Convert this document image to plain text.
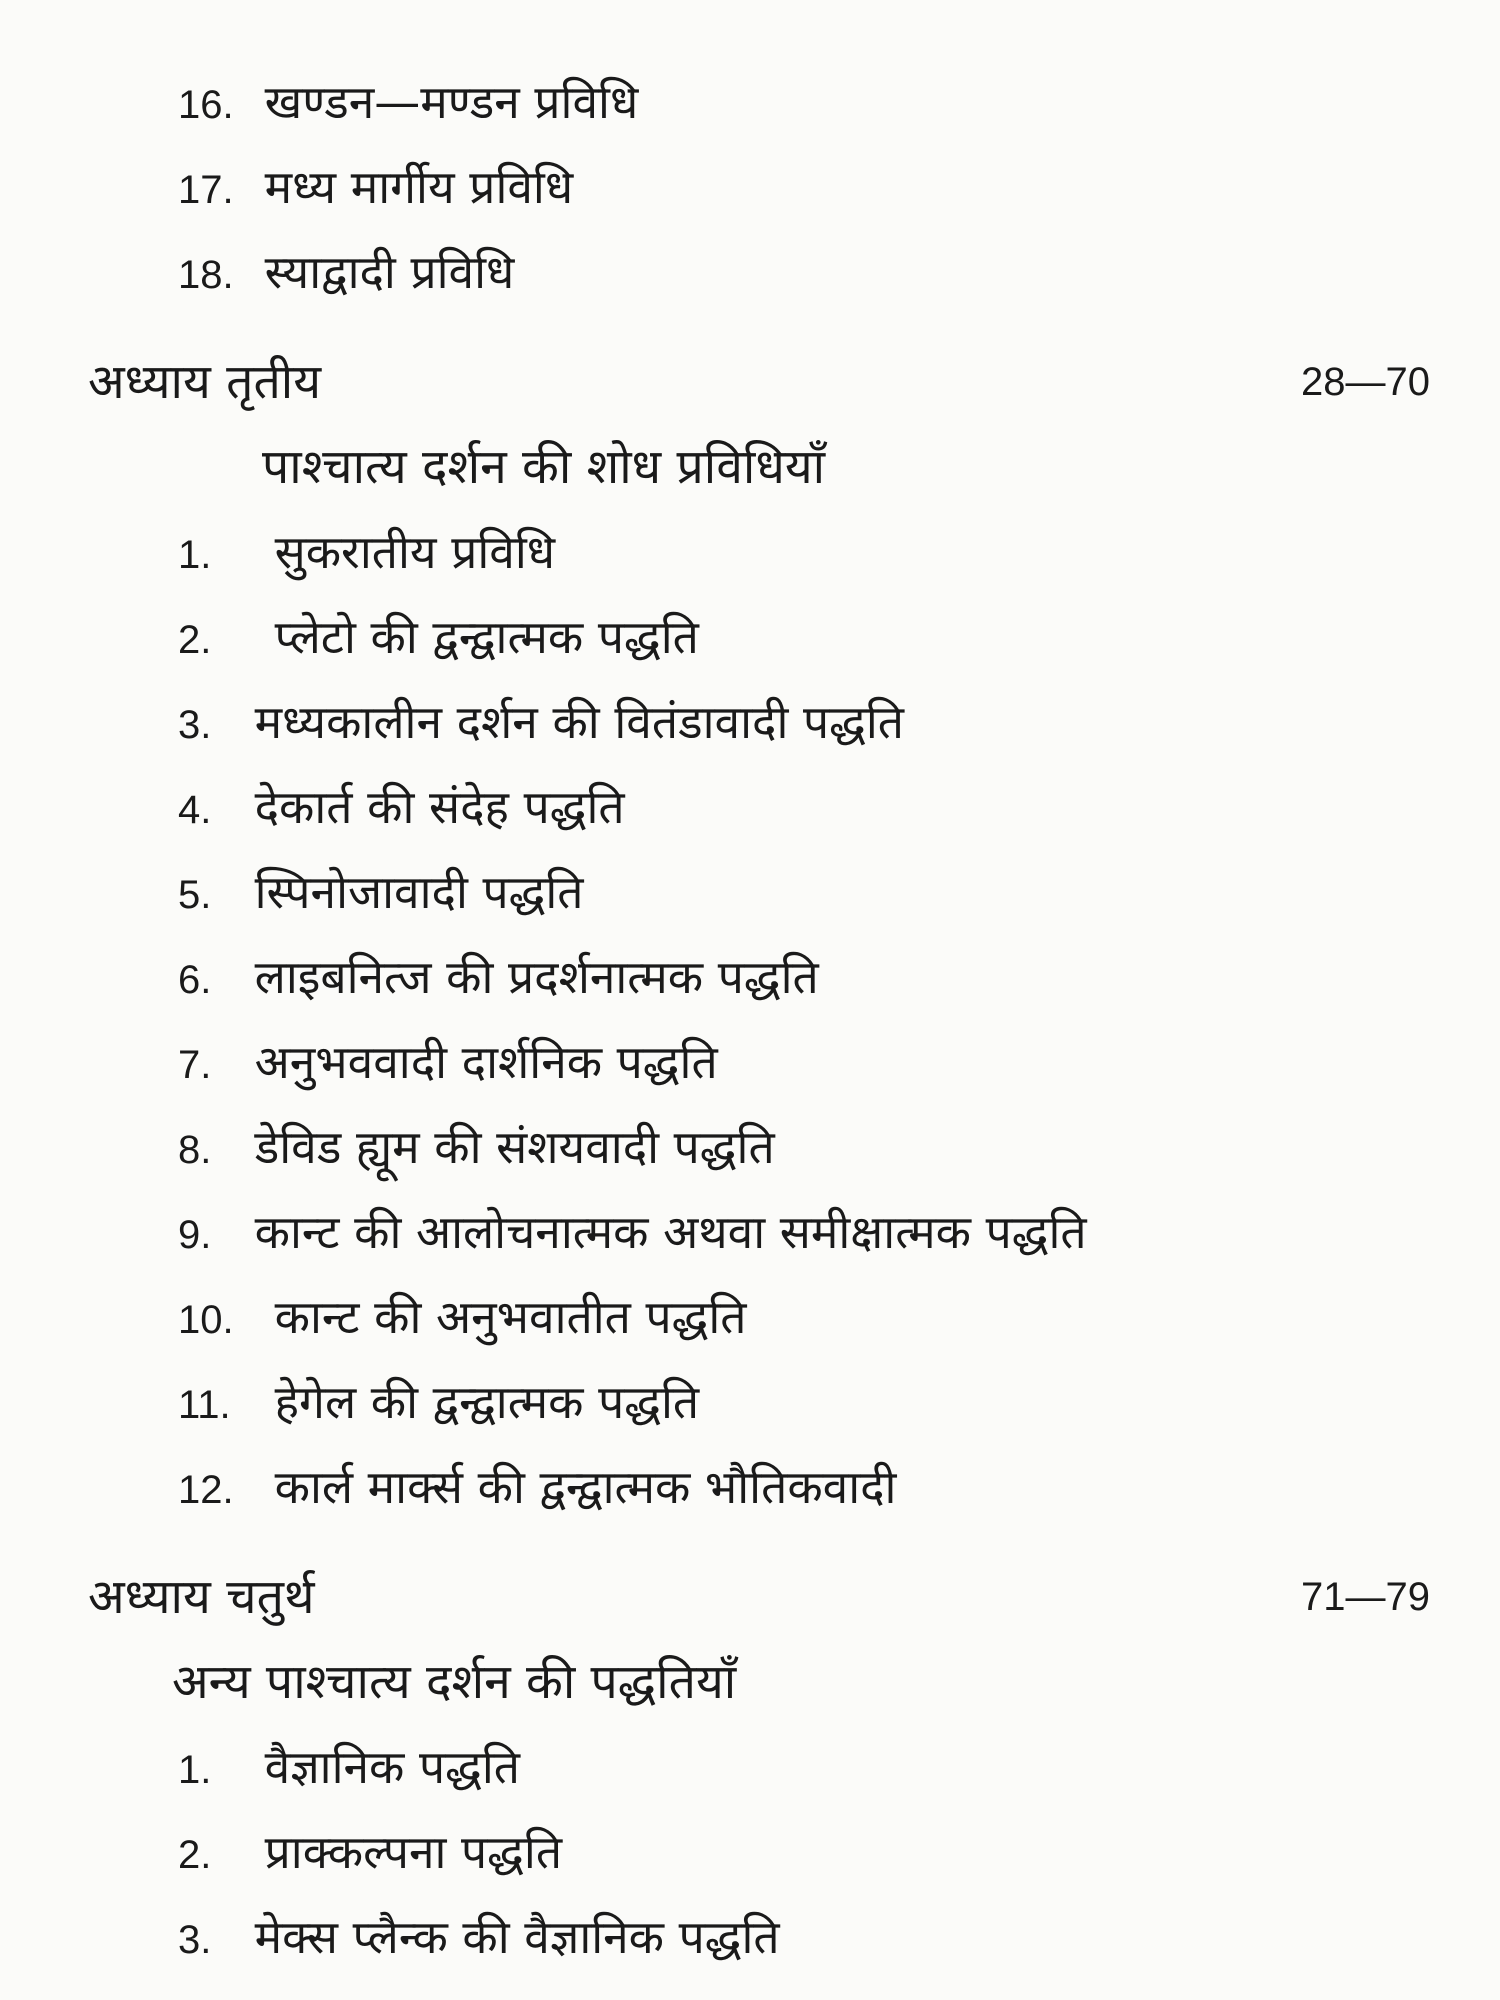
16. खण्डन—मण्डन प्रविधि
17. मध्य मार्गीय प्रविधि
18. स्याद्वादी प्रविधि
अध्याय तृतीय	28—70
पाश्चात्य दर्शन की शोध प्रविधियाँ
1. सुकरातीय प्रविधि
2. प्लेटो की द्वन्द्वात्मक पद्धति
3. मध्यकालीन दर्शन की वितंडावादी पद्धति
4. देकार्त की संदेह पद्धति
5. स्पिनोजावादी पद्धति
6. लाइबनित्ज की प्रदर्शनात्मक पद्धति
7. अनुभववादी दार्शनिक पद्धति
8. डेविड ह्यूम की संशयवादी पद्धति
9. कान्ट की आलोचनात्मक अथवा समीक्षात्मक पद्धति
10. कान्ट की अनुभवातीत पद्धति
11. हेगेल की द्वन्द्वात्मक पद्धति
12. कार्ल मार्क्स की द्वन्द्वात्मक भौतिकवादी
अध्याय चतुर्थ	71—79
अन्य पाश्चात्य दर्शन की पद्धतियाँ
1. वैज्ञानिक पद्धति
2. प्राक्कल्पना पद्धति
3. मेक्स प्लैन्क की वैज्ञानिक पद्धति
